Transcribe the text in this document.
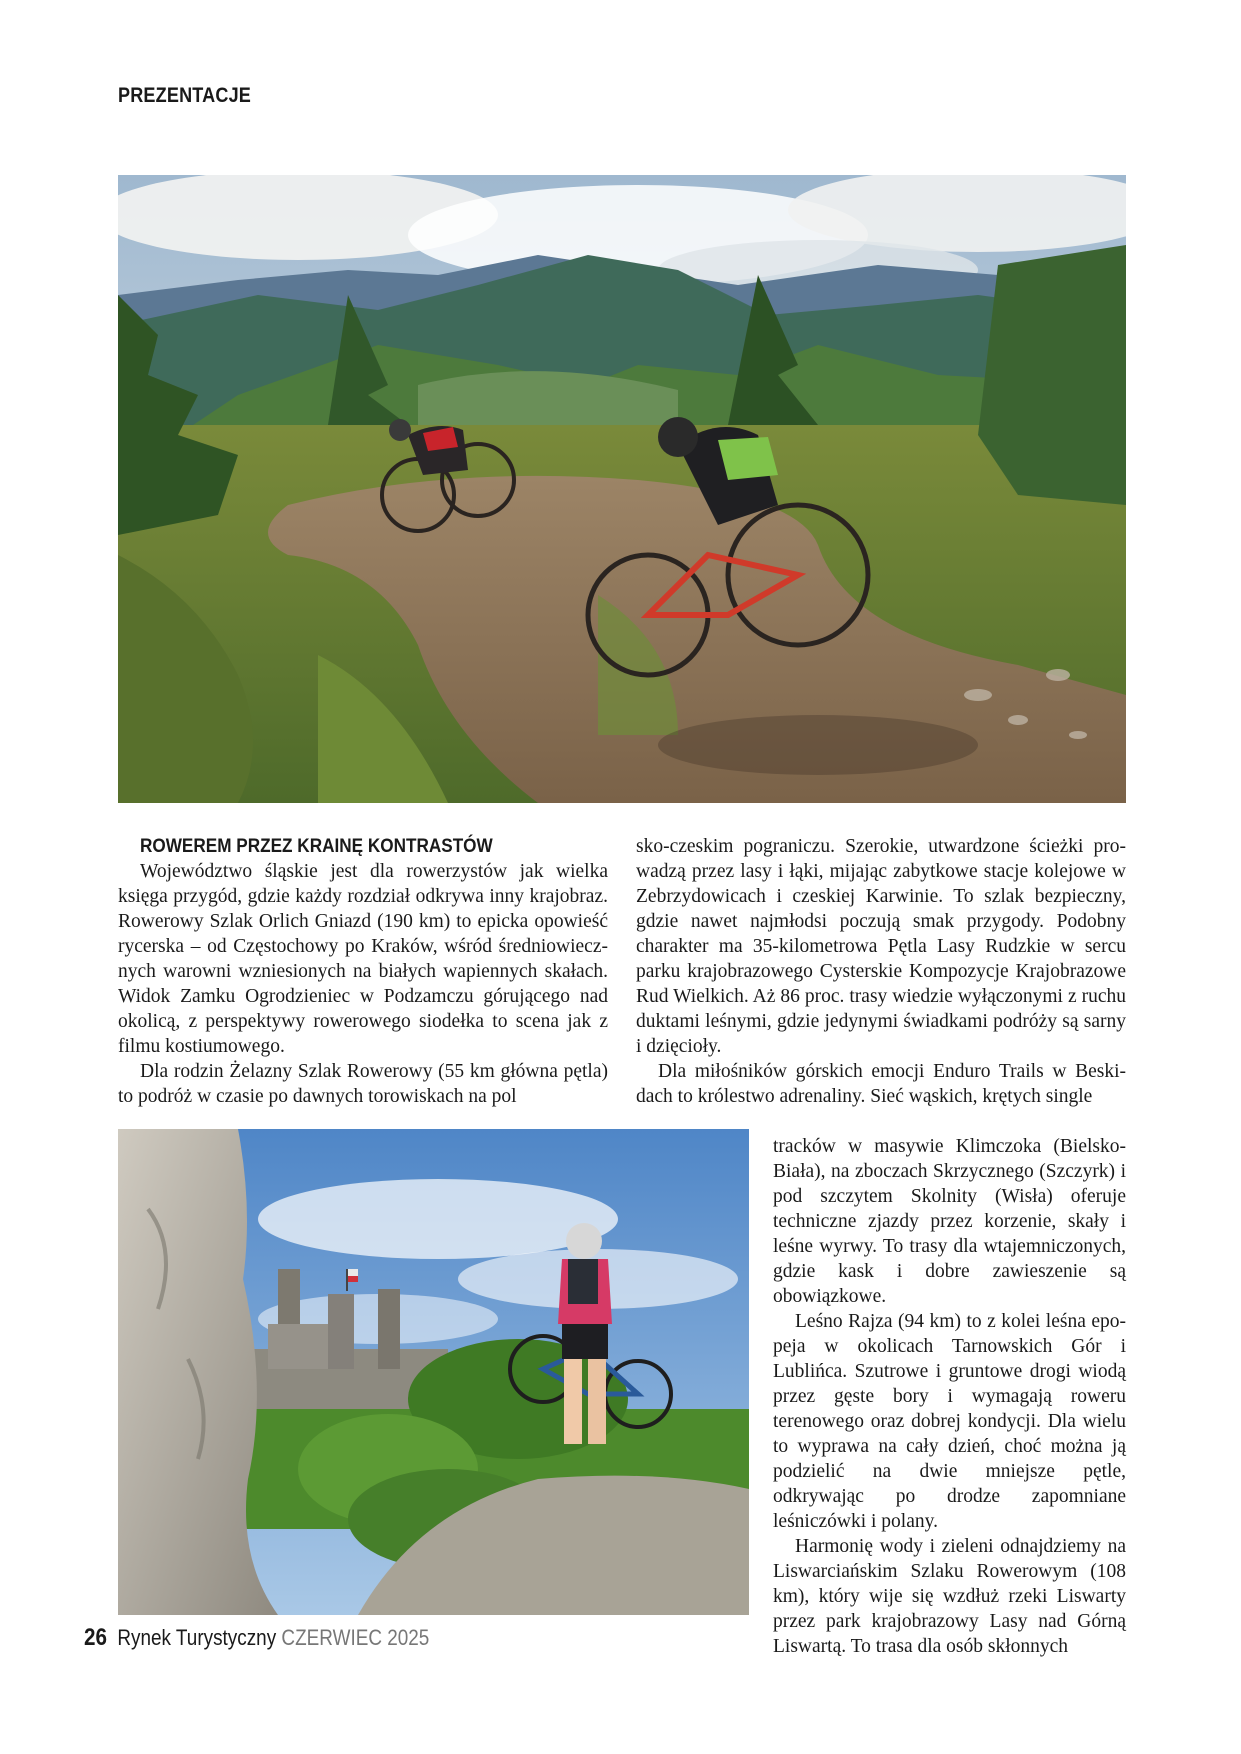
PREZENTACJE
ROWEREM PRZEZ KRAINĘ KONTRASTÓW

Województwo śląskie jest dla rowerzystów jak wielka księga przygód, gdzie każdy rozdział odkrywa inny krajobraz. Rowerowy Szlak Orlich Gniazd (190 km) to epicka opowieść rycerska – od Częstochowy po Kraków, wśród średniowiecznych warowni wzniesionych na białych wapiennych skałach. Widok Zamku Ogrodzieniec w Podzamczu górującego nad okolicą, z perspektywy rowerowego siodełka to scena jak z filmu kostiumowego.

Dla rodzin Żelazny Szlak Rowerowy (55 km główna pętla) to podróż w czasie po dawnych torowiskach na pol

sko-czeskim pograniczu. Szerokie, utwardzone ścieżki prowadzą przez lasy i łąki, mijając zabytkowe stacje kolejowe w Zebrzydowicach i czeskiej Karwinie. To szlak bezpieczny, gdzie nawet najmłodsi poczują smak przygody. Podobny charakter ma 35-kilometrowa Pętla Lasy Rudzkie w sercu parku krajobrazowego Cysterskie Kompozycje Krajobrazowe Rud Wielkich. Aż 86 proc. trasy wiedzie wyłączonymi z ruchu duktami leśnymi, gdzie jedynymi świadkami podróży są sarny i dzięcioły.

Dla miłośników górskich emocji Enduro Trails w Beskidach to królestwo adrenaliny. Sieć wąskich, krętych single

tracków w masywie Klimczoka (Bielsko-Biała), na zboczach Skrzycznego (Szczyrk) i pod szczytem Skolnity (Wisła) oferuje techniczne zjazdy przez korzenie, skały i leśne wyrwy. To trasy dla wtajemniczonych, gdzie kask i dobre zawieszenie są obowiązkowe.

Leśno Rajza (94 km) to z kolei leśna epopeja w okolicach Tarnowskich Gór i Lublińca. Szutrowe i gruntowe drogi wiodą przez gęste bory i wymagają roweru terenowego oraz dobrej kondycji. Dla wielu to wyprawa na cały dzień, choć można ją podzielić na dwie mniejsze pętle, odkrywając po drodze zapomniane leśniczówki i polany.

Harmonię wody i zieleni odnajdziemy na Liswarciańskim Szlaku Rowerowym (108 km), który wije się wzdłuż rzeki Liswarty przez park krajobrazowy Lasy nad Górną Liswartą. To trasa dla osób skłonnych

26 Rynek Turystyczny CZERWIEC 2025
